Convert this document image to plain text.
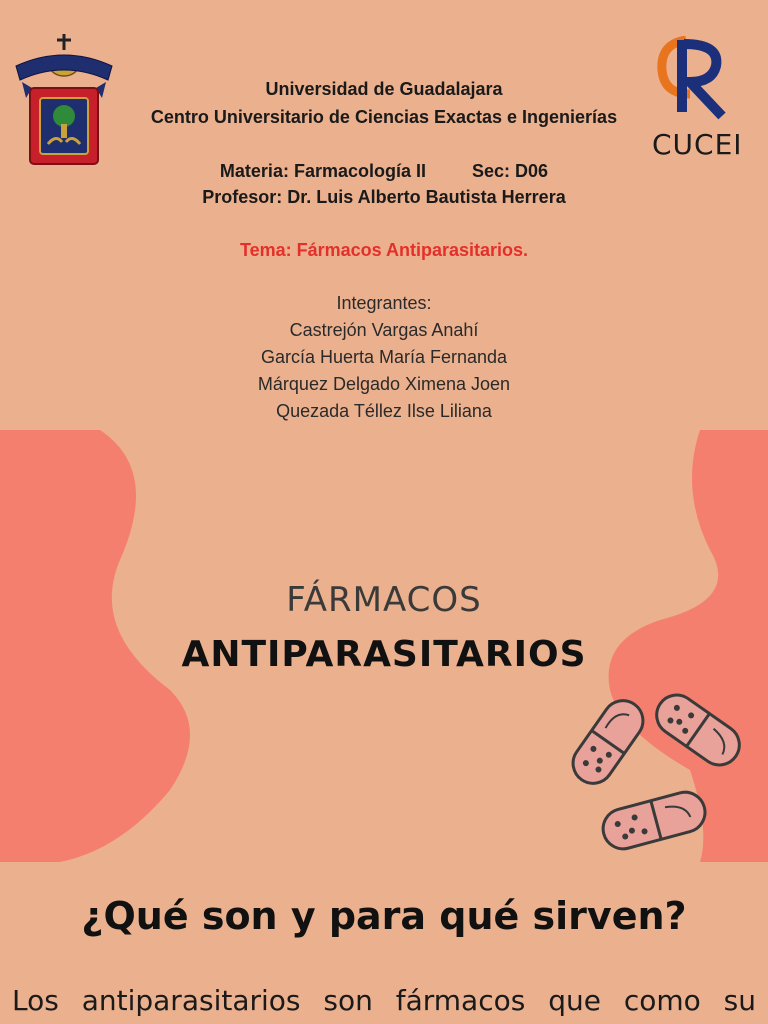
CUCEI
Universidad de Guadalajara
Centro Universitario de Ciencias Exactas e Ingenierías
Materia: Farmacología II	Sec: D06
Profesor: Dr. Luis Alberto Bautista Herrera
Tema: Fármacos Antiparasitarios.
Integrantes:
Castrejón Vargas Anahí
García Huerta María Fernanda
Márquez Delgado Ximena Joen
Quezada Téllez Ilse Liliana
FÁRMACOS
ANTIPARASITARIOS
¿Qué son y para qué sirven?
Los antiparasitarios son fármacos que como su
